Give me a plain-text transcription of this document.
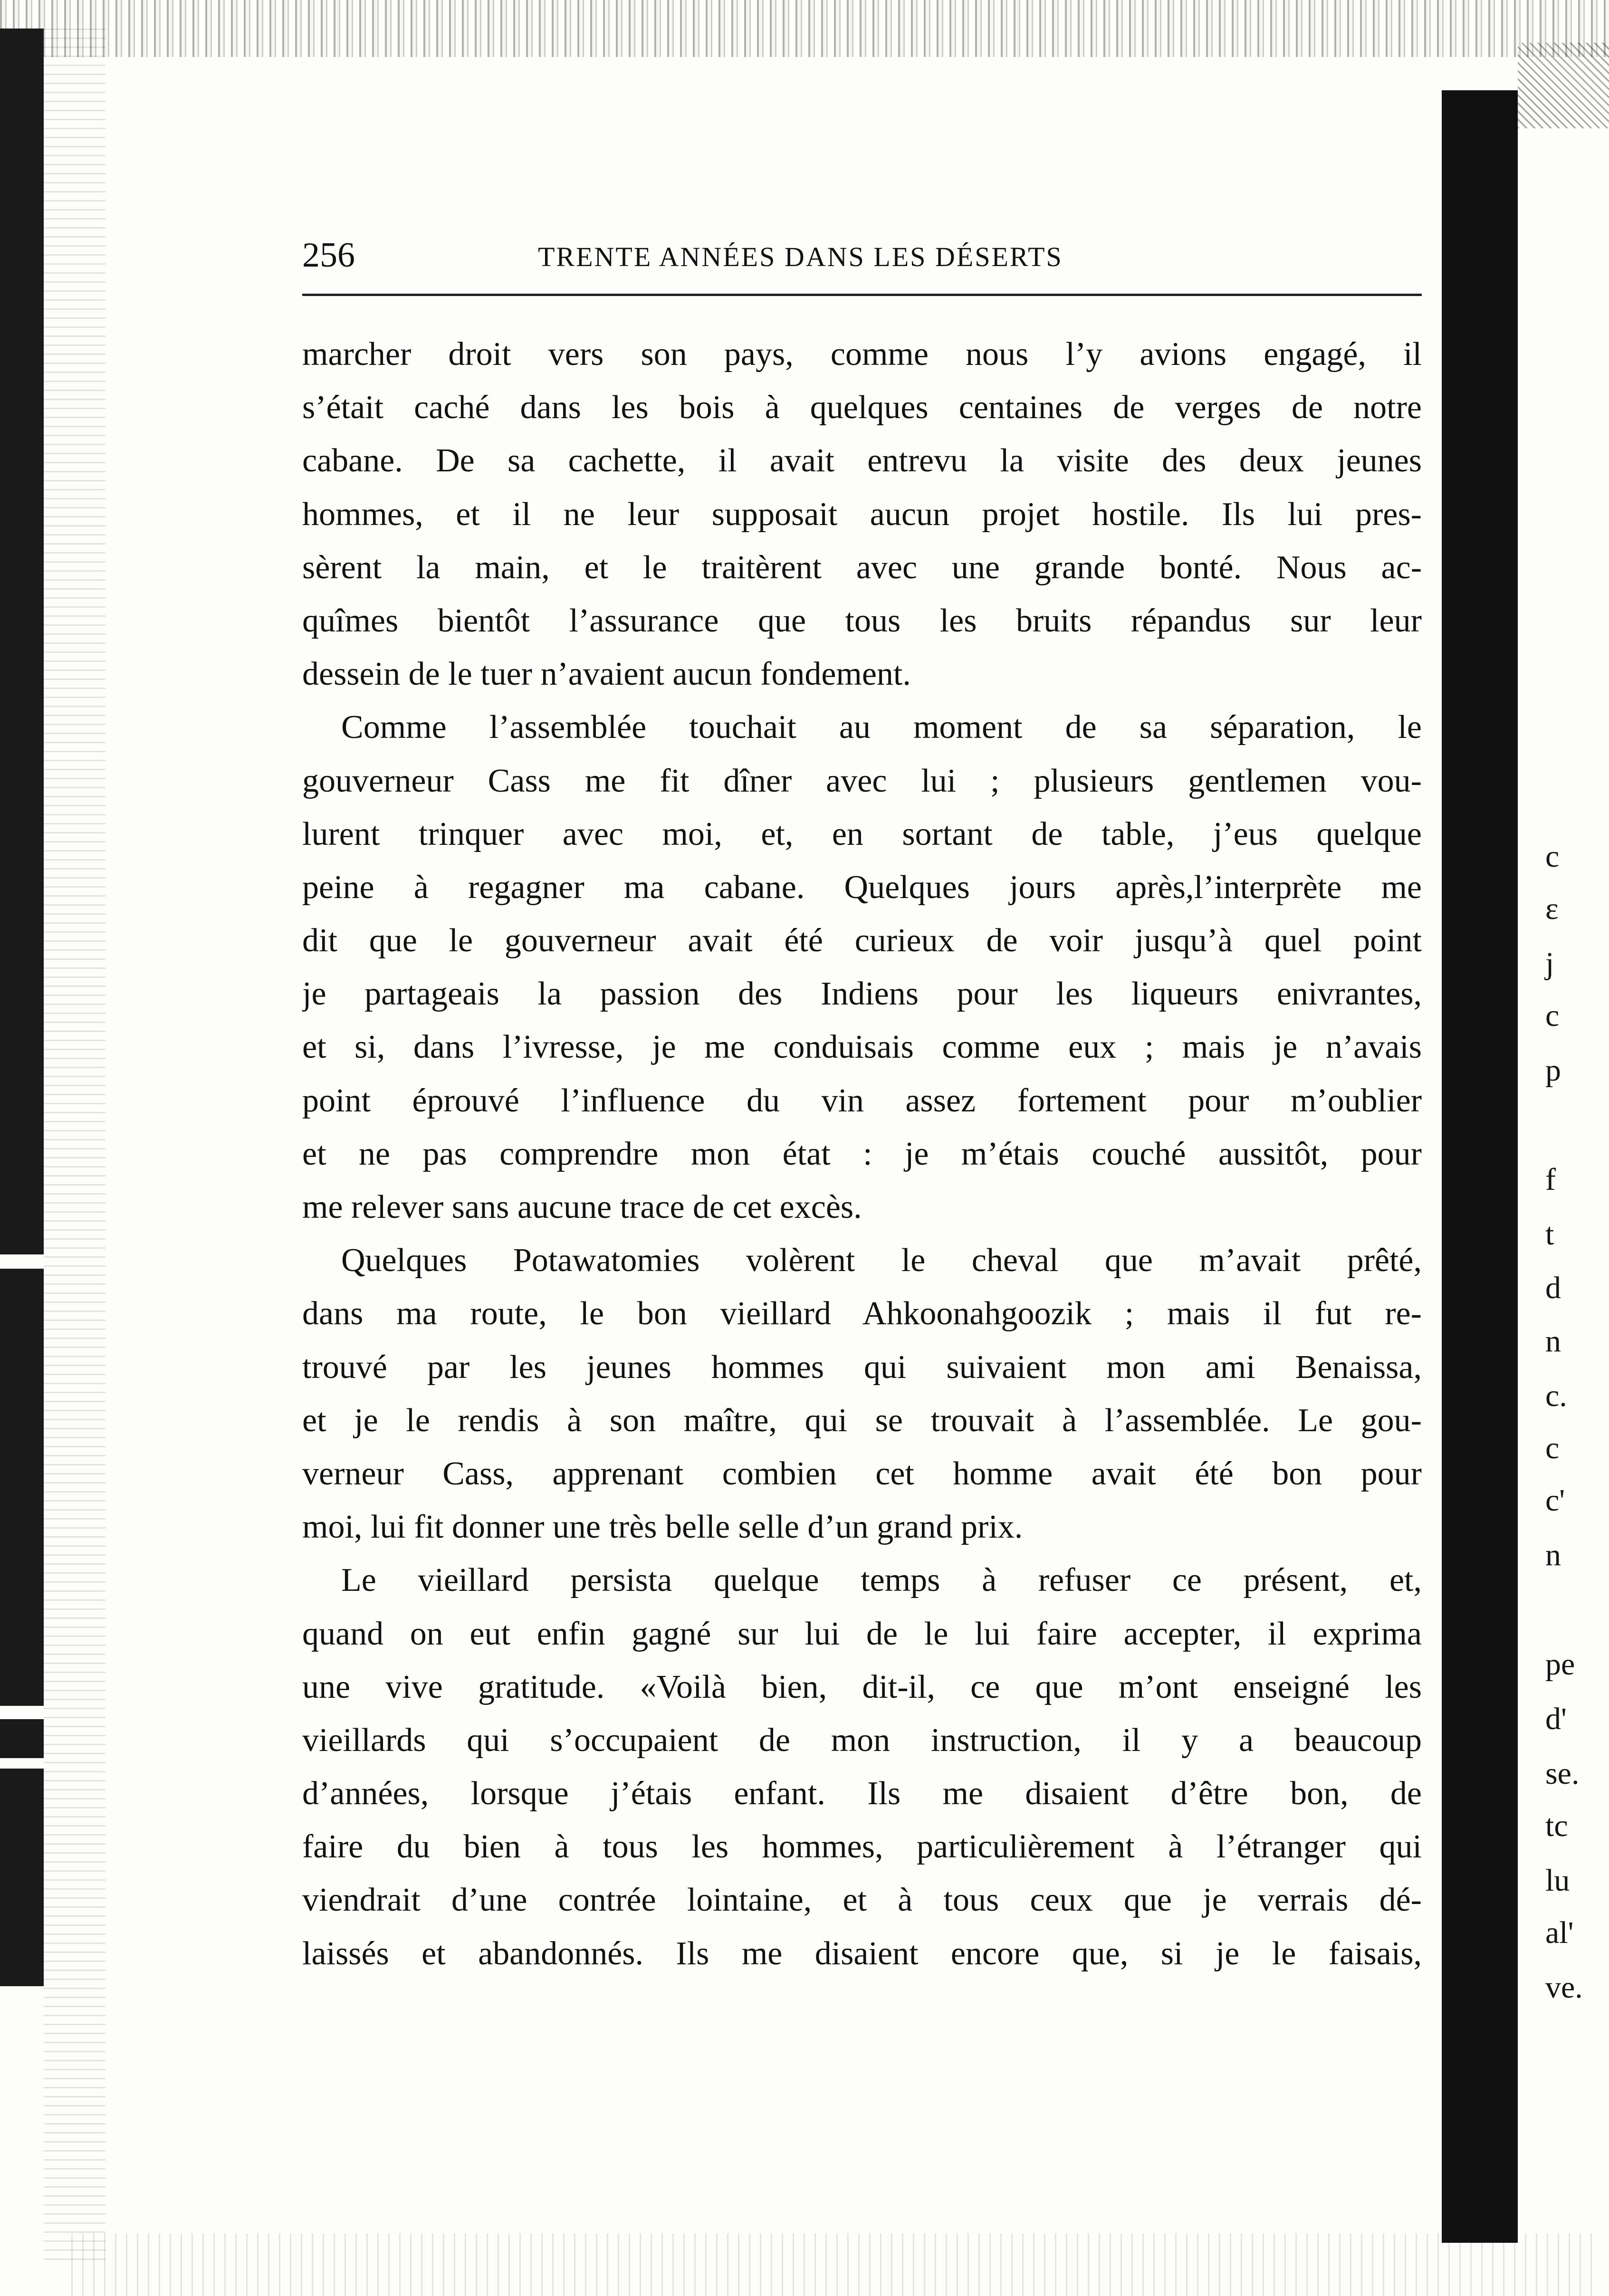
c
ε
j
c
p
f
t
d
n
c.
c
c'
n
pe
d'
se.
tc
lu
al'
ve.
256	TRENTE ANNÉES DANS LES DÉSERTS
marcher droit vers son pays, comme nous l’y avions engagé, il
s’était caché dans les bois à quelques centaines de verges de notre
cabane. De sa cachette, il avait entrevu la visite des deux jeunes
hommes, et il ne leur supposait aucun projet hostile. Ils lui pres-
sèrent la main, et le traitèrent avec une grande bonté. Nous ac-
quîmes bientôt l’assurance que tous les bruits répandus sur leur
dessein de le tuer n’avaient aucun fondement.
Comme l’assemblée touchait au moment de sa séparation, le
gouverneur Cass me fit dîner avec lui ; plusieurs gentlemen vou-
lurent trinquer avec moi, et, en sortant de table, j’eus quelque
peine à regagner ma cabane. Quelques jours après,l’interprète me
dit que le gouverneur avait été curieux de voir jusqu’à quel point
je partageais la passion des Indiens pour les liqueurs enivrantes,
et si, dans l’ivresse, je me conduisais comme eux ; mais je n’avais
point éprouvé l’influence du vin assez fortement pour m’oublier
et ne pas comprendre mon état : je m’étais couché aussitôt, pour
me relever sans aucune trace de cet excès.
Quelques Potawatomies volèrent le cheval que m’avait prêté,
dans ma route, le bon vieillard Ahkoonahgoozik ; mais il fut re-
trouvé par les jeunes hommes qui suivaient mon ami Benaissa,
et je le rendis à son maître, qui se trouvait à l’assemblée. Le gou-
verneur Cass, apprenant combien cet homme avait été bon pour
moi, lui fit donner une très belle selle d’un grand prix.
Le vieillard persista quelque temps à refuser ce présent, et,
quand on eut enfin gagné sur lui de le lui faire accepter, il exprima
une vive gratitude. «Voilà bien, dit-il, ce que m’ont enseigné les
vieillards qui s’occupaient de mon instruction, il y a beaucoup
d’années, lorsque j’étais enfant. Ils me disaient d’être bon, de
faire du bien à tous les hommes, particulièrement à l’étranger qui
viendrait d’une contrée lointaine, et à tous ceux que je verrais dé-
laissés et abandonnés. Ils me disaient encore que, si je le faisais,
